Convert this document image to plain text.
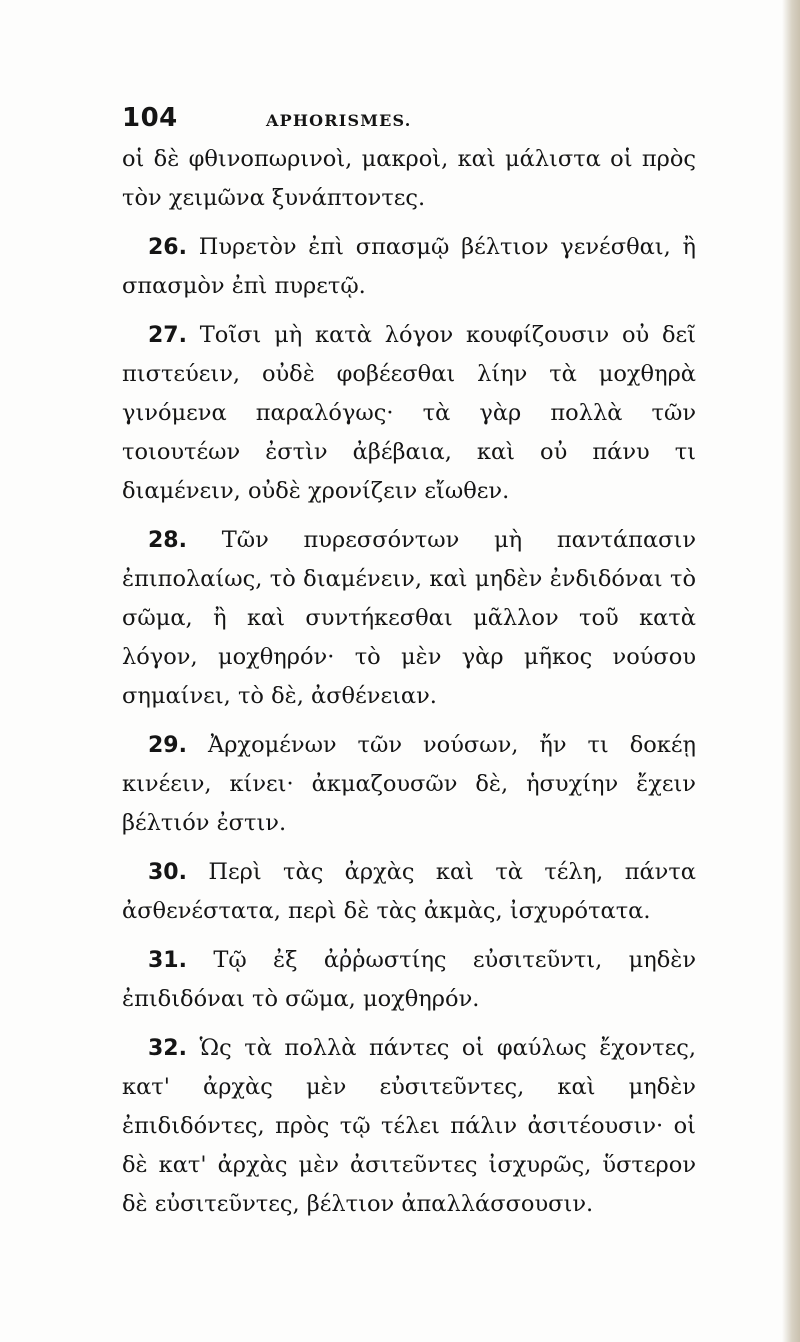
104	APHORISMES.

οἱ δὲ φθινοπωρινοὶ, μακροὶ, καὶ μάλιστα οἱ πρὸς τὸν χειμῶνα ξυνάπτοντες.

26. Πυρετὸν ἐπὶ σπασμῷ βέλτιον γενέσθαι, ἢ σπασμὸν ἐπὶ πυρετῷ.

27. Τοῖσι μὴ κατὰ λόγον κουφίζουσιν οὐ δεῖ πιστεύειν, οὐδὲ φοβέεσθαι λίην τὰ μοχθηρὰ γινόμενα παραλόγως· τὰ γὰρ πολλὰ τῶν τοιουτέων ἐστὶν ἀβέβαια, καὶ οὐ πάνυ τι διαμένειν, οὐδὲ χρονίζειν εἴωθεν.

28. Τῶν πυρεσσόντων μὴ παντάπασιν ἐπιπολαίως, τὸ διαμένειν, καὶ μηδὲν ἐνδιδόναι τὸ σῶμα, ἢ καὶ συντήκεσθαι μᾶλλον τοῦ κατὰ λόγον, μοχθηρόν· τὸ μὲν γὰρ μῆκος νούσου σημαίνει, τὸ δὲ, ἀσθένειαν.

29. Ἀρχομένων τῶν νούσων, ἤν τι δοκέῃ κινέειν, κίνει· ἀκμαζουσῶν δὲ, ἡσυχίην ἔχειν βέλτιόν ἐστιν.

30. Περὶ τὰς ἀρχὰς καὶ τὰ τέλη, πάντα ἀσθενέστατα, περὶ δὲ τὰς ἀκμὰς, ἰσχυρότατα.

31. Τῷ ἐξ ἀῤῥωστίης εὐσιτεῦντι, μηδὲν ἐπιδιδόναι τὸ σῶμα, μοχθηρόν.

32. Ὡς τὰ πολλὰ πάντες οἱ φαύλως ἔχοντες, κατ' ἀρχὰς μὲν εὐσιτεῦντες, καὶ μηδὲν ἐπιδιδόντες, πρὸς τῷ τέλει πάλιν ἀσιτέουσιν· οἱ δὲ κατ' ἀρχὰς μὲν ἀσιτεῦντες ἰσχυρῶς, ὕστερον δὲ εὐσιτεῦντες, βέλτιον ἀπαλλάσσουσιν.
